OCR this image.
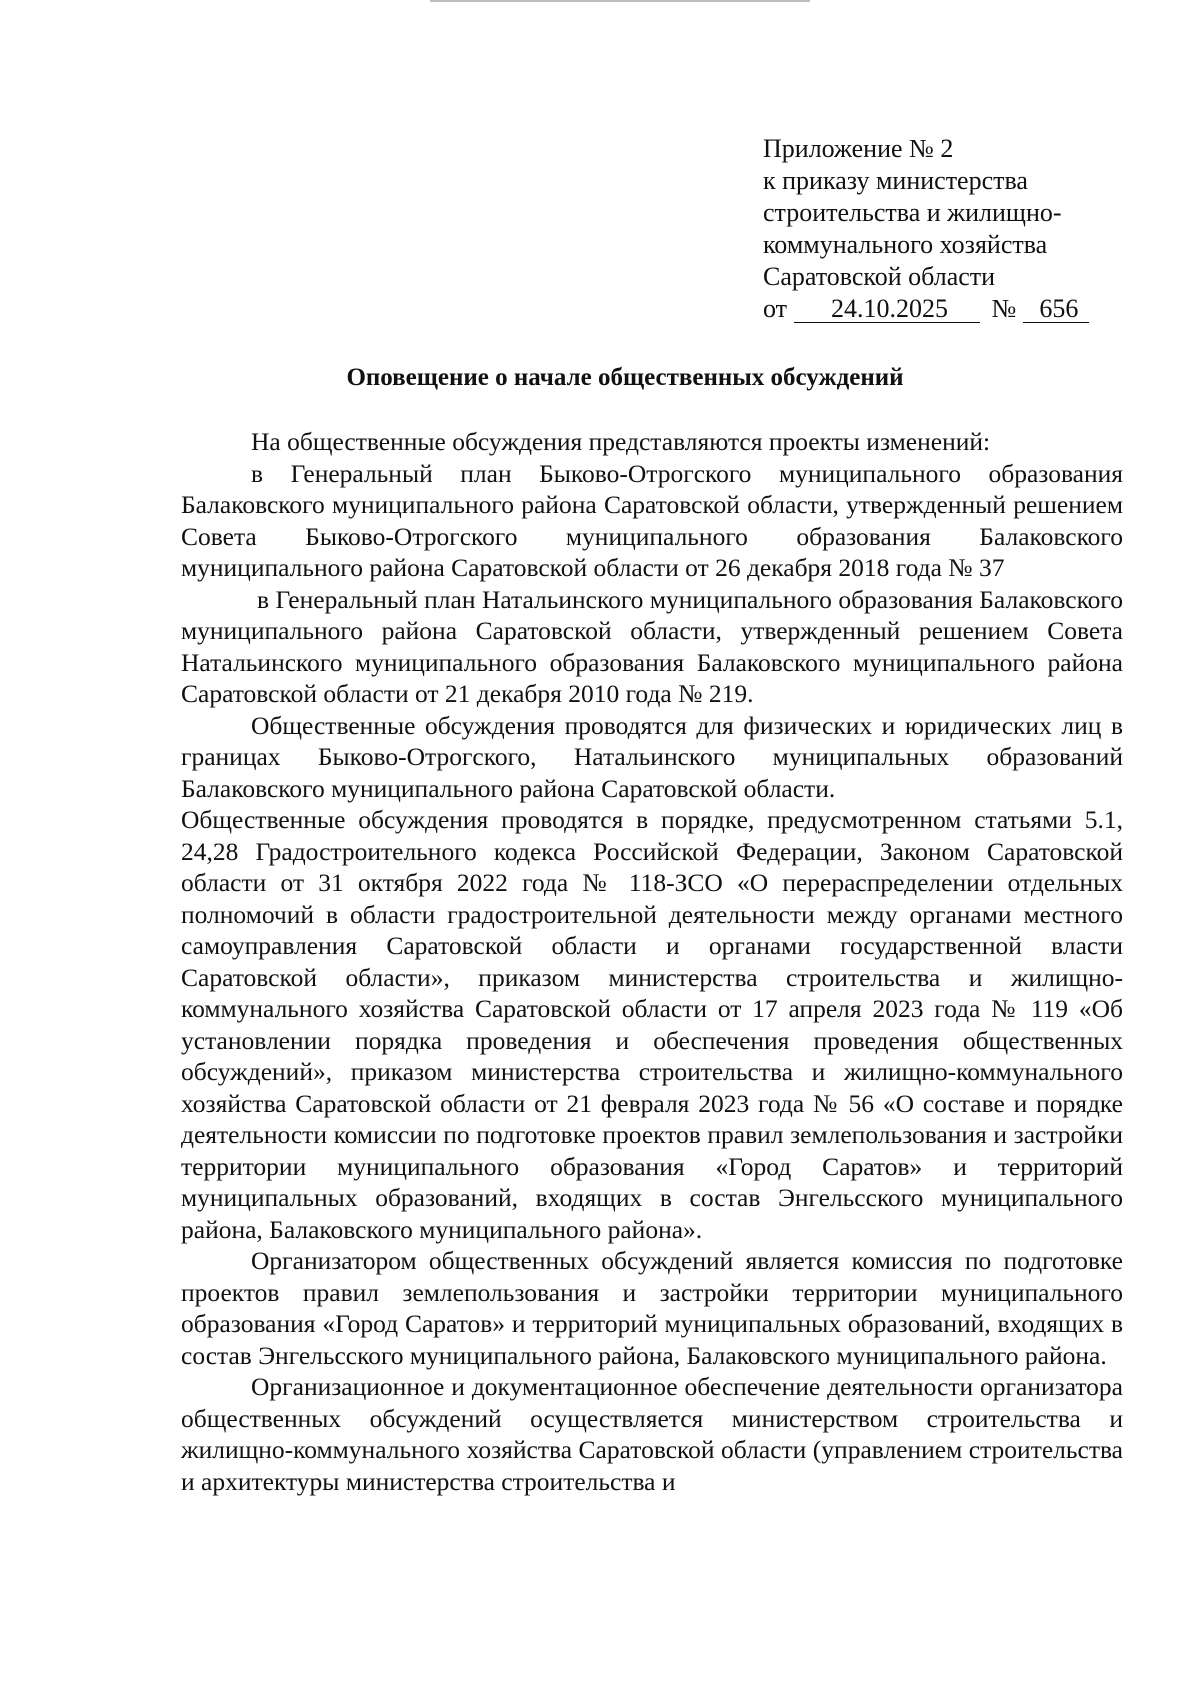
Приложение № 2
к приказу министерства
строительства и жилищно-
коммунального хозяйства
Саратовской области
от 24.10.2025 № 656
Оповещение о начале общественных обсуждений

На общественные обсуждения представляются проекты изменений:

в Генеральный план Быково-Отрогского муниципального образования Балаковского муниципального района Саратовской области, утвержденный решением Совета Быково-Отрогского муниципального образования Балаковского муниципального района Саратовской области от 26 декабря 2018 года № 37

в Генеральный план Натальинского муниципального образования Балаковского муниципального района Саратовской области, утвержденный решением Совета Натальинского муниципального образования Балаковского муниципального района Саратовской области от 21 декабря 2010 года № 219.

Общественные обсуждения проводятся для физических и юридических лиц в границах Быково-Отрогского, Натальинского муниципальных образований Балаковского муниципального района Саратовской области.

Общественные обсуждения проводятся в порядке, предусмотренном статьями 5.1, 24,28 Градостроительного кодекса Российской Федерации, Законом Саратовской области от 31 октября 2022 года № 118-ЗСО «О перераспределении отдельных полномочий в области градостроительной деятельности между органами местного самоуправления Саратовской области и органами государственной власти Саратовской области», приказом министерства строительства и жилищно-коммунального хозяйства Саратовской области от 17 апреля 2023 года № 119 «Об установлении порядка проведения и обеспечения проведения общественных обсуждений», приказом министерства строительства и жилищно-коммунального хозяйства Саратовской области от 21 февраля 2023 года № 56 «О составе и порядке деятельности комиссии по подготовке проектов правил землепользования и застройки территории муниципального образования «Город Саратов» и территорий муниципальных образований, входящих в состав Энгельсского муниципального района, Балаковского муниципального района».

Организатором общественных обсуждений является комиссия по подготовке проектов правил землепользования и застройки территории муниципального образования «Город Саратов» и территорий муниципальных образований, входящих в состав Энгельсского муниципального района, Балаковского муниципального района.

Организационное и документационное обеспечение деятельности организатора общественных обсуждений осуществляется министерством строительства и жилищно-коммунального хозяйства Саратовской области (управлением строительства и архитектуры министерства строительства и
